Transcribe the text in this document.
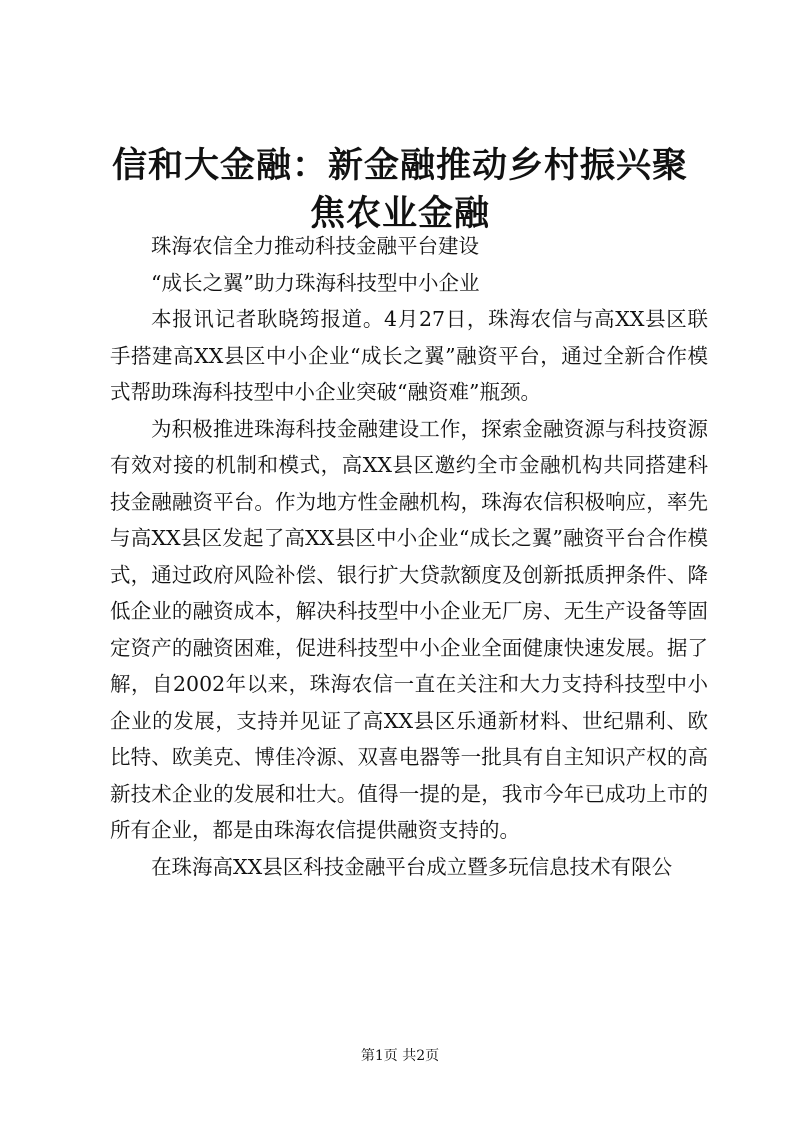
信和大金融：新金融推动乡村振兴聚焦农业金融

珠海农信全力推动科技金融平台建设

“成长之翼”助力珠海科技型中小企业

本报讯记者耿晓筠报道。4月27日，珠海农信与高XX县区联手搭建高XX县区中小企业“成长之翼”融资平台，通过全新合作模式帮助珠海科技型中小企业突破“融资难”瓶颈。

为积极推进珠海科技金融建设工作，探索金融资源与科技资源有效对接的机制和模式，高XX县区邀约全市金融机构共同搭建科技金融融资平台。作为地方性金融机构，珠海农信积极响应，率先与高XX县区发起了高XX县区中小企业“成长之翼”融资平台合作模式，通过政府风险补偿、银行扩大贷款额度及创新抵质押条件、降低企业的融资成本，解决科技型中小企业无厂房、无生产设备等固定资产的融资困难，促进科技型中小企业全面健康快速发展。据了解，自2002年以来，珠海农信一直在关注和大力支持科技型中小企业的发展，支持并见证了高XX县区乐通新材料、世纪鼎利、欧比特、欧美克、博佳冷源、双喜电器等一批具有自主知识产权的高新技术企业的发展和壮大。值得一提的是，我市今年已成功上市的所有企业，都是由珠海农信提供融资支持的。

在珠海高XX县区科技金融平台成立暨多玩信息技术有限公

第1页 共2页
